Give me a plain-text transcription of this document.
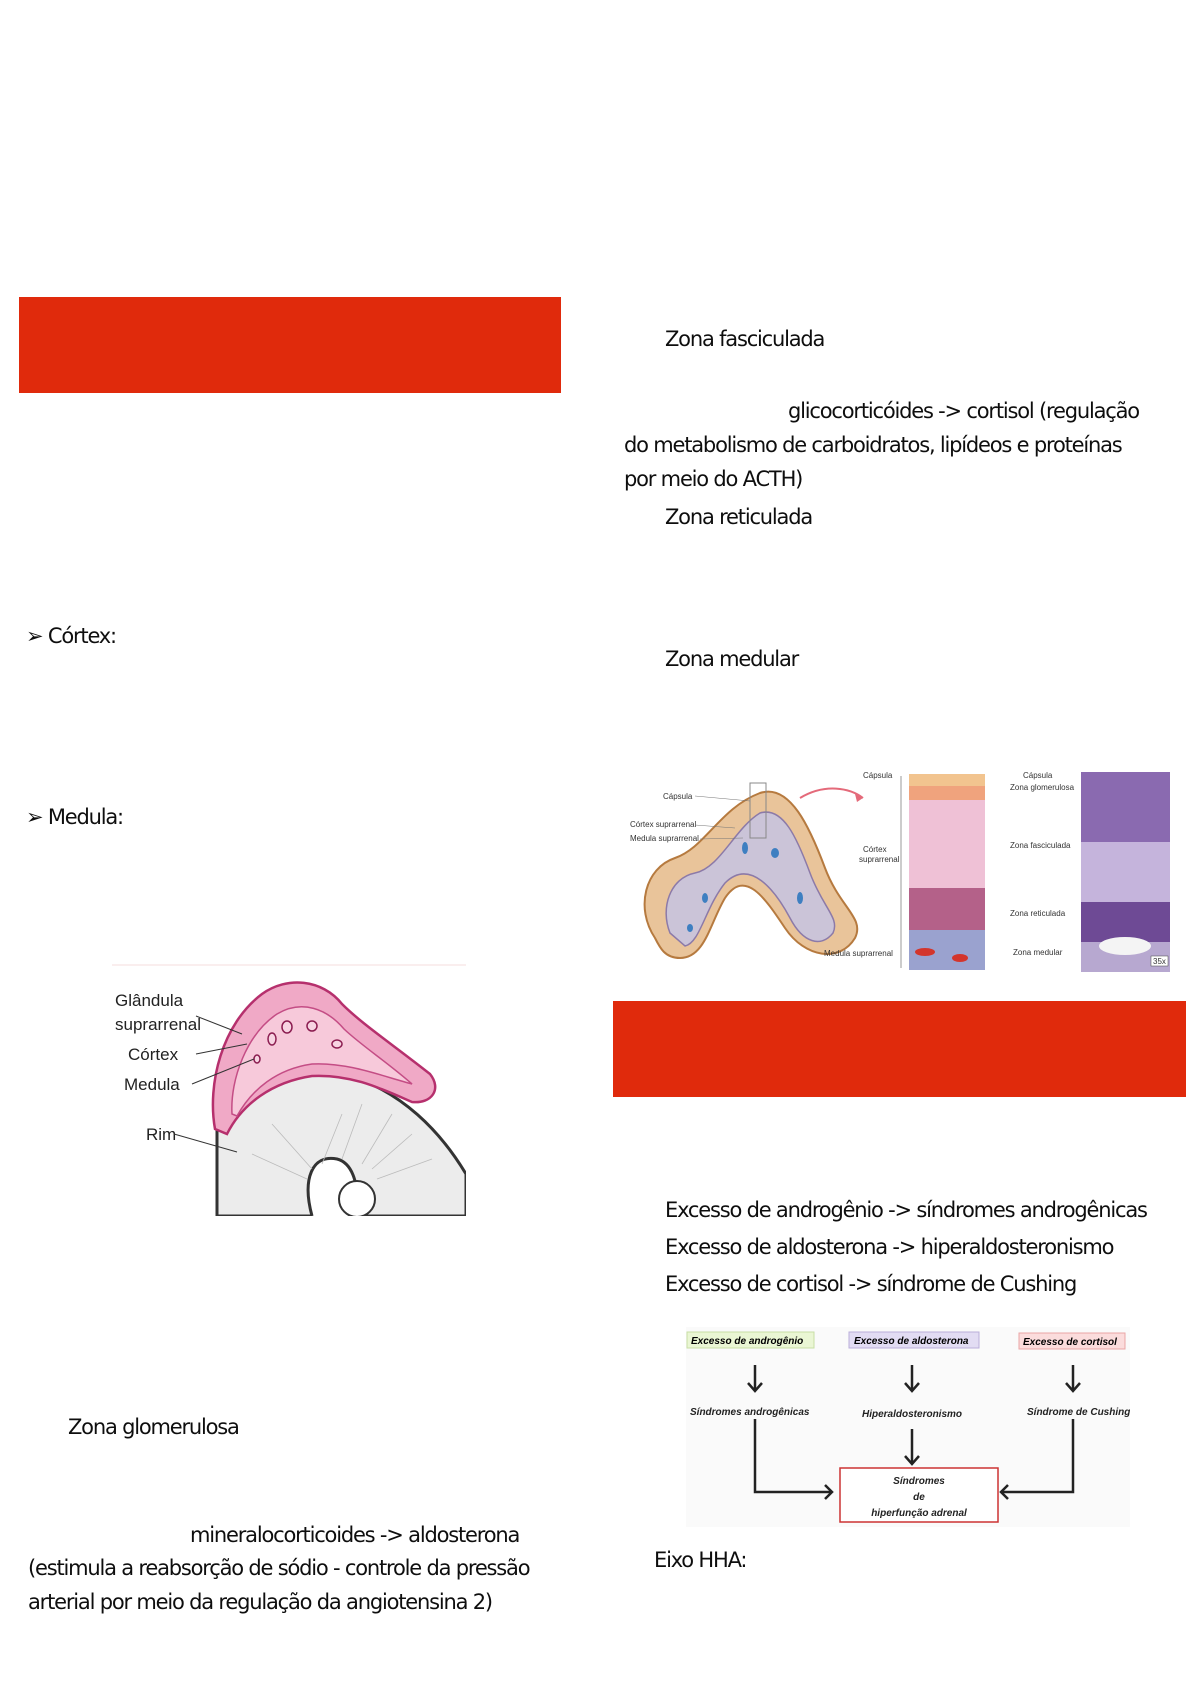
➢ Córtex:
➢ Medula:
Glândula
suprarrenal
Córtex
Medula
Rim
Zona glomerulosa
mineralocorticoides -> aldosterona
(estimula a reabsorção de sódio - controle da pressão arterial por meio da regulação da angiotensina 2)
Zona fasciculada
glicocorticóides -> cortisol (regulação do metabolismo de carboidratos, lipídeos e proteínas por meio do ACTH)
Zona reticulada
Zona medular
Cápsula
Córtex suprarrenal
Medula suprarrenal
Cápsula
Córtex
suprarrenal
Medula suprarrenal
Cápsula
Zona glomerulosa
Zona fasciculada
Zona reticulada
Zona medular
35x
Excesso de androgênio -> síndromes androgênicas
Excesso de aldosterona -> hiperaldosteronismo
Excesso de cortisol -> síndrome de Cushing
Excesso de androgênio	Excesso de aldosterona	Excesso de cortisol
Síndromes androgênicas	Hiperaldosteronismo	Síndrome de Cushing
Síndromes
de
hiperfunção adrenal
Eixo HHA:
